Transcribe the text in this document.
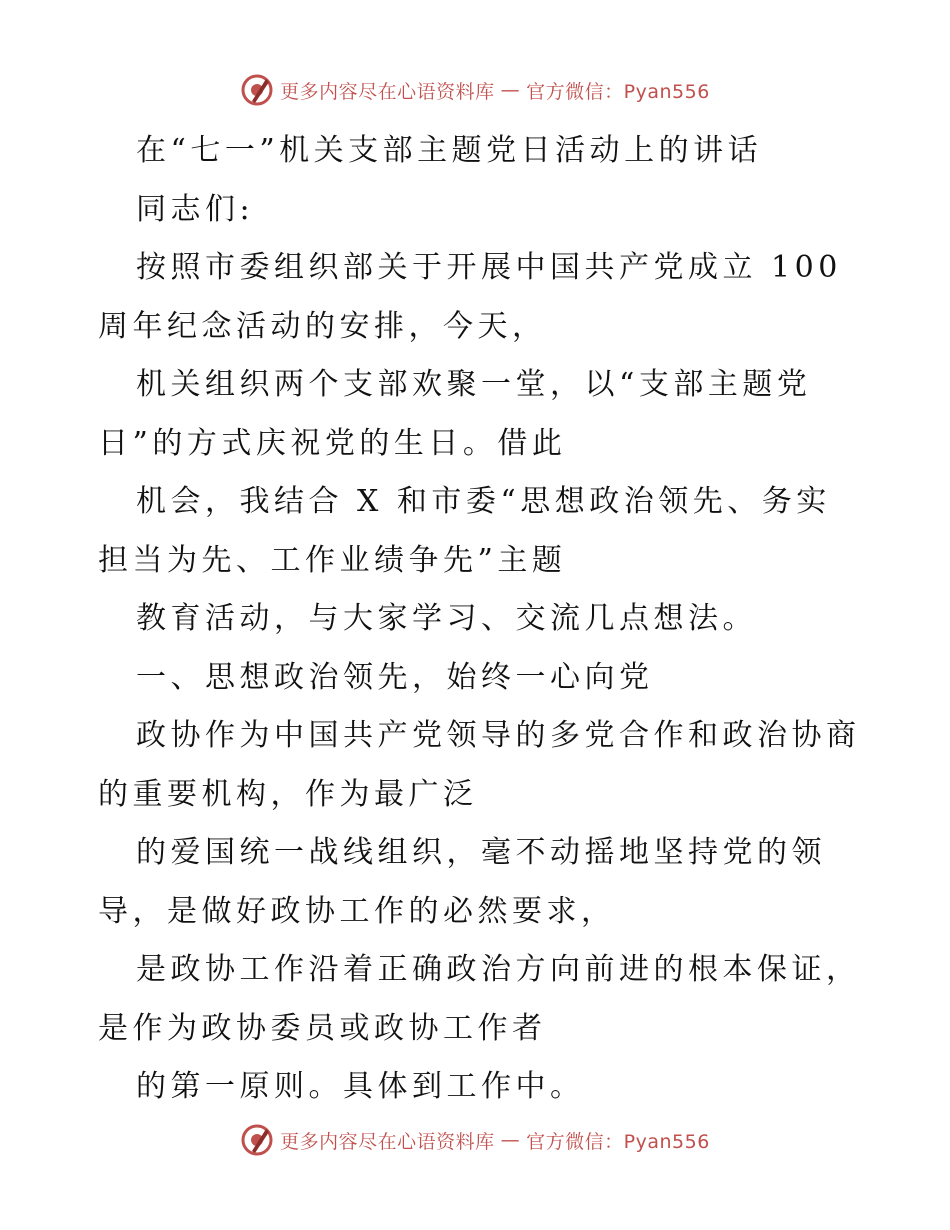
更多内容尽在心语资料库 — 官方微信：Pyan556

在“七一”机关支部主题党日活动上的讲话

同志们:

按照市委组织部关于开展中国共产党成立 100

周年纪念活动的安排，今天，

机关组织两个支部欢聚一堂，以“支部主题党

日”的方式庆祝党的生日。借此

机会，我结合 X 和市委“思想政治领先、务实

担当为先、工作业绩争先”主题

教育活动，与大家学习、交流几点想法。

一、思想政治领先，始终一心向党

政协作为中国共产党领导的多党合作和政治协商

的重要机构，作为最广泛

的爱国统一战线组织，毫不动摇地坚持党的领

导，是做好政协工作的必然要求，

是政协工作沿着正确政治方向前进的根本保证，

是作为政协委员或政协工作者

的第一原则。具体到工作中。

更多内容尽在心语资料库 — 官方微信：Pyan556
